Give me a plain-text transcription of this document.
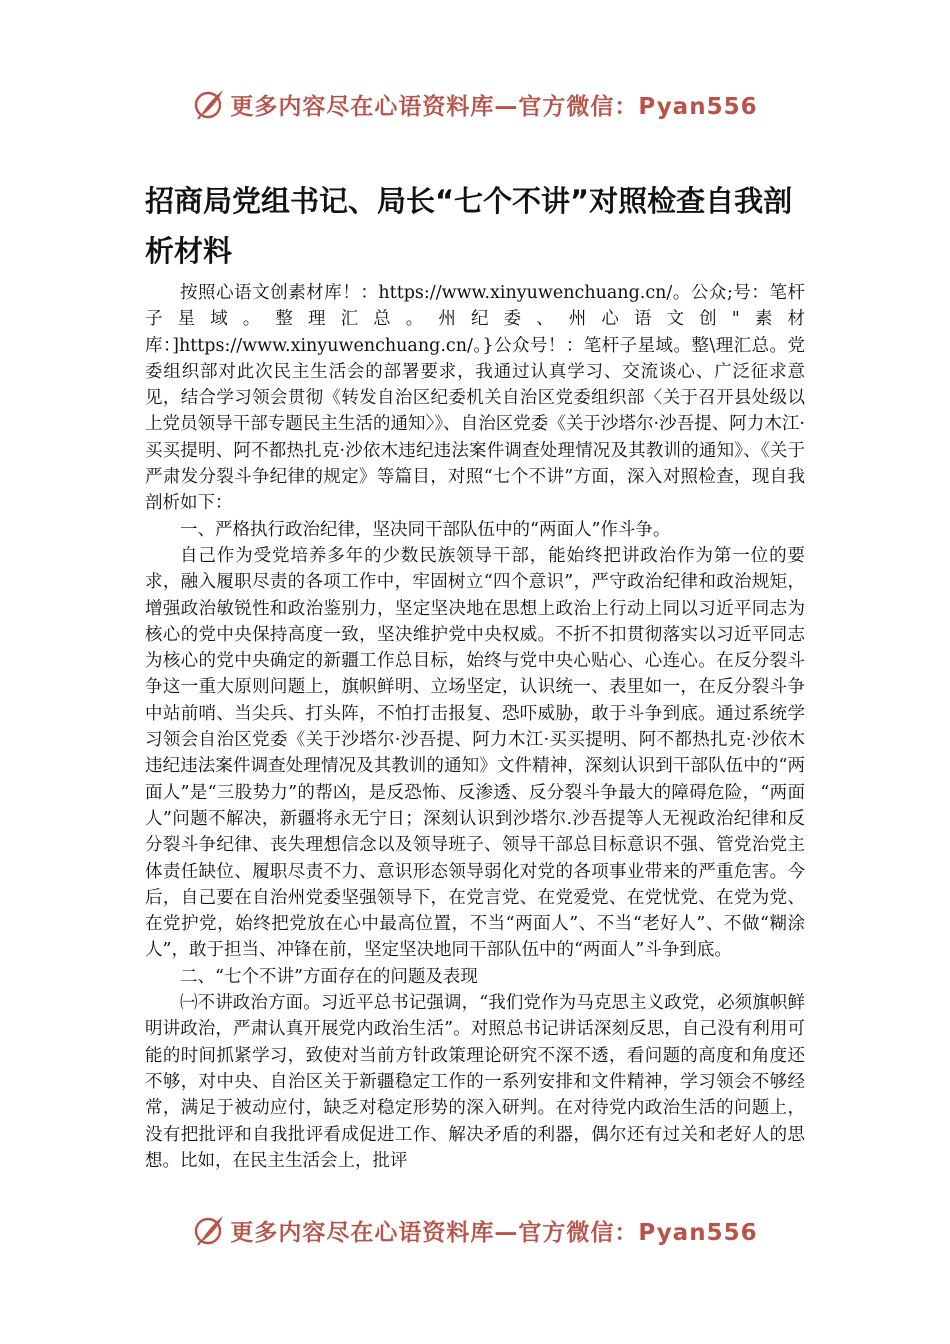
更多内容尽在心语资料库—官方微信：Pyan556
招商局党组书记、局长“七个不讲”对照检查自我剖析材料

按照心语文创素材库！：https://www.xinyuwenchuang.cn/。公众;号：笔杆子星域。整理汇总。州纪委、州心语文创"素材库：]https://www.xinyuwenchuang.cn/。}公众号！：笔杆子星域。整\理汇总。党委组织部对此次民主生活会的部署要求，我通过认真学习、交流谈心、广泛征求意见，结合学习领会贯彻《转发自治区纪委机关自治区党委组织部〈关于召开县处级以上党员领导干部专题民主生活的通知〉》、自治区党委《关于沙塔尔·沙吾提、阿力木江·买买提明、阿不都热扎克·沙依木违纪违法案件调查处理情况及其教训的通知》、《关于严肃发分裂斗争纪律的规定》等篇目，对照“七个不讲”方面，深入对照检查，现自我剖析如下：

一、严格执行政治纪律，坚决同干部队伍中的“两面人”作斗争。

自己作为受党培养多年的少数民族领导干部，能始终把讲政治作为第一位的要求，融入履职尽责的各项工作中，牢固树立“四个意识”，严守政治纪律和政治规矩，增强政治敏锐性和政治鉴别力，坚定坚决地在思想上政治上行动上同以习近平同志为核心的党中央保持高度一致，坚决维护党中央权威。不折不扣贯彻落实以习近平同志为核心的党中央确定的新疆工作总目标，始终与党中央心贴心、心连心。在反分裂斗争这一重大原则问题上，旗帜鲜明、立场坚定，认识统一、表里如一，在反分裂斗争中站前哨、当尖兵、打头阵，不怕打击报复、恐吓威胁，敢于斗争到底。通过系统学习领会自治区党委《关于沙塔尔·沙吾提、阿力木江·买买提明、阿不都热扎克·沙依木违纪违法案件调查处理情况及其教训的通知》文件精神，深刻认识到干部队伍中的“两面人”是“三股势力”的帮凶，是反恐怖、反渗透、反分裂斗争最大的障碍危险，“两面人”问题不解决，新疆将永无宁日；深刻认识到沙塔尔.沙吾提等人无视政治纪律和反分裂斗争纪律、丧失理想信念以及领导班子、领导干部总目标意识不强、管党治党主体责任缺位、履职尽责不力、意识形态领导弱化对党的各项事业带来的严重危害。今后，自己要在自治州党委坚强领导下，在党言党、在党爱党、在党忧党、在党为党、在党护党，始终把党放在心中最高位置，不当“两面人”、不当“老好人”、不做“糊涂人”，敢于担当、冲锋在前，坚定坚决地同干部队伍中的“两面人”斗争到底。

二、“七个不讲”方面存在的问题及表现

㈠不讲政治方面。习近平总书记强调，“我们党作为马克思主义政党，必须旗帜鲜明讲政治，严肃认真开展党内政治生活”。对照总书记讲话深刻反思，自己没有利用可能的时间抓紧学习，致使对当前方针政策理论研究不深不透，看问题的高度和角度还不够，对中央、自治区关于新疆稳定工作的一系列安排和文件精神，学习领会不够经常，满足于被动应付，缺乏对稳定形势的深入研判。在对待党内政治生活的问题上，没有把批评和自我批评看成促进工作、解决矛盾的利器，偶尔还有过关和老好人的思想。比如，在民主生活会上，批评

更多内容尽在心语资料库—官方微信：Pyan556
